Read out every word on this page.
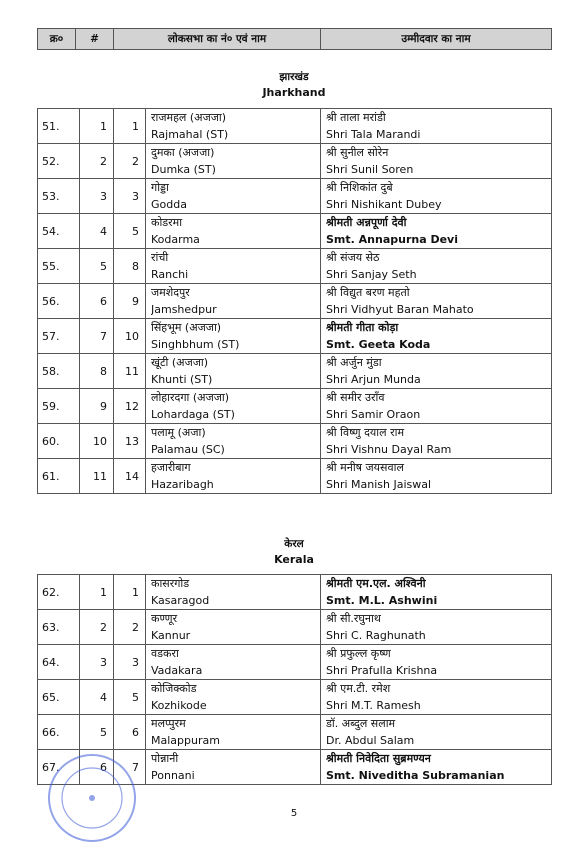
क्र०	#	लोकसभा का नं० एवं नाम	उम्मीदवार का नाम
झारखंड
Jharkhand
51.	1	1	राजमहल (अजजा)
Rajmahal (ST)	श्री ताला मरांडी
Shri Tala Marandi

52.	2	2	दुमका (अजजा)
Dumka (ST)	श्री सुनील सोरेन
Shri Sunil Soren

53.	3	3	गोड्डा
Godda	श्री निशिकांत दुबे
Shri Nishikant Dubey

54.	4	5	कोडरमा
Kodarma	श्रीमती अन्नपूर्णा देवी
Smt. Annapurna Devi

55.	5	8	रांची
Ranchi	श्री संजय सेठ
Shri Sanjay Seth

56.	6	9	जमशेदपुर
Jamshedpur	श्री विद्युत बरण महतो
Shri Vidhyut Baran Mahato

57.	7	10	सिंहभूम (अजजा)
Singhbhum (ST)	श्रीमती गीता कोड़ा
Smt. Geeta Koda

58.	8	11	खूंटी (अजजा)
Khunti (ST)	श्री अर्जुन मुंडा
Shri Arjun Munda

59.	9	12	लोहारदगा (अजजा)
Lohardaga (ST)	श्री समीर उराँव
Shri Samir Oraon

60.	10	13	पलामू (अजा)
Palamau (SC)	श्री विष्णु दयाल राम
Shri Vishnu Dayal Ram

61.	11	14	हजारीबाग
Hazaribagh	श्री मनीष जयसवाल
Shri Manish Jaiswal
केरल
Kerala
62.	1	1	कासरगोड
Kasaragod	श्रीमती एम.एल. अश्विनी
Smt. M.L. Ashwini

63.	2	2	कण्णूर
Kannur	श्री सी.रघुनाथ
Shri C. Raghunath

64.	3	3	वडकरा
Vadakara	श्री प्रफुल्ल कृष्ण
Shri Prafulla Krishna

65.	4	5	कोजिक्कोड
Kozhikode	श्री एम.टी. रमेश
Shri M.T. Ramesh

66.	5	6	मलप्पुरम
Malappuram	डॉ. अब्दुल सलाम
Dr. Abdul Salam

67.	6	7	पोन्नानी
Ponnani	श्रीमती निवेदिता सुब्रमण्यन
Smt. Niveditha Subramanian
5
